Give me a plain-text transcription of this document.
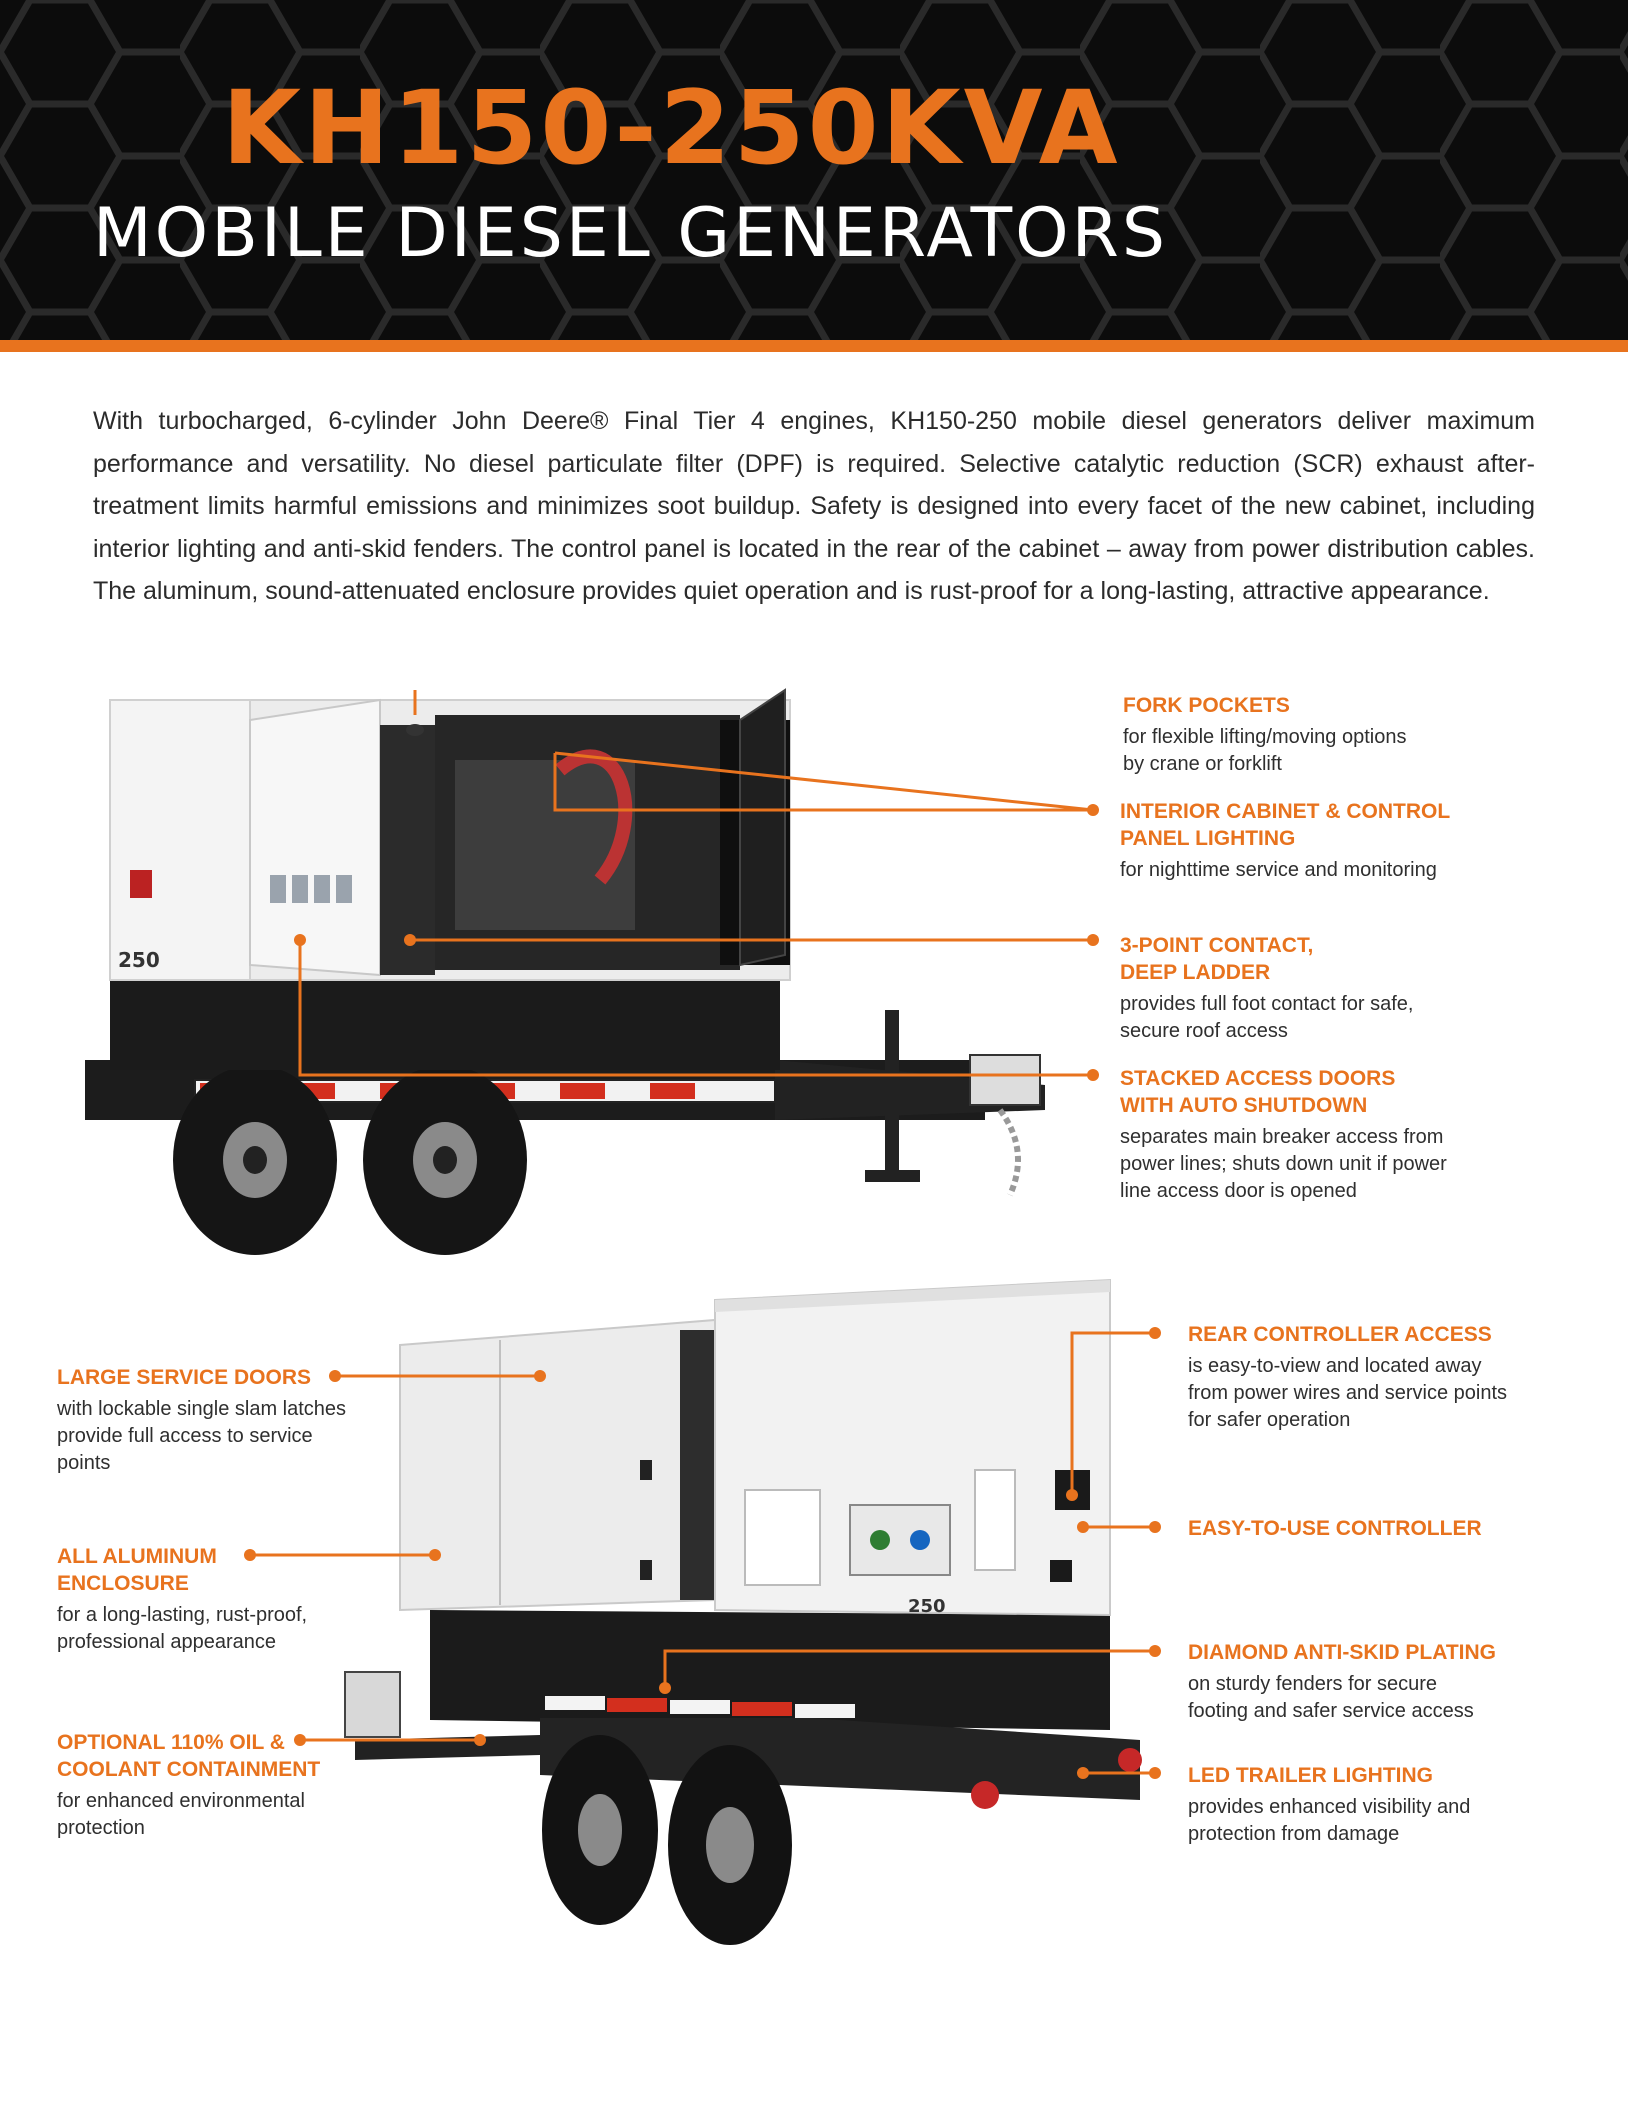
KH150-250KVA
MOBILE DIESEL GENERATORS

With turbocharged, 6-cylinder John Deere® Final Tier 4 engines, KH150-250 mobile diesel generators deliver maximum performance and versatility. No diesel particulate filter (DPF) is required. Selective catalytic reduction (SCR) exhaust after-treatment limits harmful emissions and minimizes soot buildup. Safety is designed into every facet of the new cabinet, including interior lighting and anti-skid fenders. The control panel is located in the rear of the cabinet – away from power distribution cables. The aluminum, sound-attenuated enclosure provides quiet operation and is rust-proof for a long-lasting, attractive appearance.

250
250

FORK POCKETS

for flexible lifting/moving options by crane or forklift

INTERIOR CABINET & CONTROL PANEL LIGHTING

for nighttime service and monitoring

3-POINT CONTACT, DEEP LADDER

provides full foot contact for safe, secure roof access

STACKED ACCESS DOORS WITH AUTO SHUTDOWN

separates main breaker access from power lines; shuts down unit if power line access door is opened

LARGE SERVICE DOORS

with lockable single slam latches provide full access to service points

ALL ALUMINUM ENCLOSURE

for a long-lasting, rust-proof, professional appearance

OPTIONAL 110% OIL & COOLANT CONTAINMENT

for enhanced environmental protection

REAR CONTROLLER ACCESS

is easy-to-view and located away from power wires and service points for safer operation

EASY-TO-USE CONTROLLER

DIAMOND ANTI-SKID PLATING

on sturdy fenders for secure footing and safer service access

LED TRAILER LIGHTING

provides enhanced visibility and protection from damage
